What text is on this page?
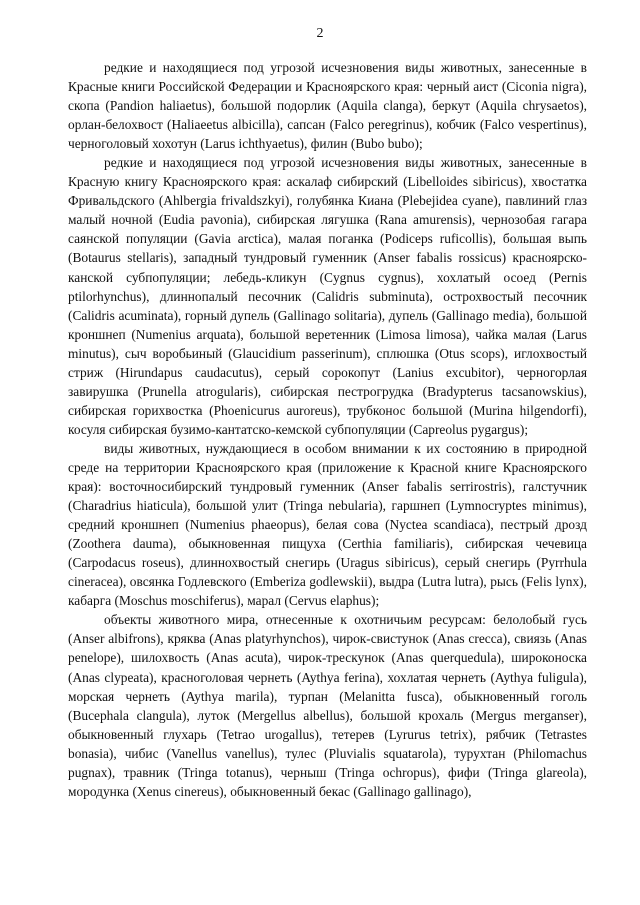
2

редкие и находящиеся под угрозой исчезновения виды животных, занесенные в Красные книги Российской Федерации и Красноярского края: черный аист (Ciconia nigra), скопа (Pandion haliaetus), большой подорлик (Aquila clanga), беркут (Aquila chrysaetos), орлан-белохвост (Haliaeetus albicilla), сапсан (Falco peregrinus), кобчик (Falco vespertinus), черноголовый хохотун (Larus ichthyaetus), филин (Bubo bubo);

редкие и находящиеся под угрозой исчезновения виды животных, занесенные в Красную книгу Красноярского края: аскалаф сибирский (Libelloides sibiricus), хвостатка Фривальдского (Ahlbergia frivaldszkyi), голубянка Киана (Plebejidea cyane), павлиний глаз малый ночной (Eudia pavonia), сибирская лягушка (Rana amurensis), чернозобая гагара саянской популяции (Gavia arctica), малая поганка (Podiceps ruficollis), большая выпь (Botaurus stellaris), западный тундровый гуменник (Anser fabalis rossicus) красноярско-канской субпопуляции; лебедь-кликун (Cygnus cygnus), хохлатый осоед (Pernis ptilorhynchus), длиннопалый песочник (Calidris subminuta), острохвостый песочник (Calidris acuminata), горный дупель (Gallinago solitaria), дупель (Gallinago media), большой кроншнеп (Numenius arquata), большой веретенник (Limosa limosa), чайка малая (Larus minutus), сыч воробьиный (Glaucidium passerinum), сплюшка (Otus scops), иглохвостый стриж (Hirundapus caudacutus), серый сорокопут (Lanius excubitor), черногорлая завирушка (Prunella atrogularis), сибирская пестрогрудка (Bradypterus tacsanowskius), сибирская горихвостка (Phoenicurus auroreus), трубконос большой (Murina hilgendorfi), косуля сибирская бузимо-кантатско-кемской субпопуляции (Capreolus pygargus);

виды животных, нуждающиеся в особом внимании к их состоянию в природной среде на территории Красноярского края (приложение к Красной книге Красноярского края): восточносибирский тундровый гуменник (Anser fabalis serrirostris), галстучник (Charadrius hiaticula), большой улит (Tringa nebularia), гаршнеп (Lymnocryptes minimus), средний кроншнеп (Numenius phaeopus), белая сова (Nyctea scandiaca), пестрый дрозд (Zoothera dauma), обыкновенная пищуха (Certhia familiaris), сибирская чечевица (Carpodacus roseus), длиннохвостый снегирь (Uragus sibiricus), серый снегирь (Pyrrhula cineracea), овсянка Годлевского (Emberiza godlewskii), выдра (Lutra lutra), рысь (Felis lynx), кабарга (Moschus moschiferus), марал (Cervus elaphus);

объекты животного мира, отнесенные к охотничьим ресурсам: белолобый гусь (Anser albifrons), кряква (Anas platyrhynchos), чирок-свистунок (Anas crecca), свиязь (Anas penelope), шилохвость (Anas acuta), чирок-трескунок (Anas querquedula), широконоска (Anas clypeata), красноголовая чернеть (Aythya ferina), хохлатая чернеть (Aythya fuligula), морская чернеть (Aythya marila), турпан (Melanitta fusca), обыкновенный гоголь (Bucephala clangula), луток (Mergellus albellus), большой крохаль (Mergus merganser), обыкновенный глухарь (Tetrao urogallus), тетерев (Lyrurus tetrix), рябчик (Tetrastes bonasia), чибис (Vanellus vanellus), тулес (Pluvialis squatarola), турухтан (Philomachus pugnax), травник (Tringa totanus), черныш (Tringa ochropus), фифи (Tringa glareola), мородунка (Xenus cinereus), обыкновенный бекас (Gallinago gallinago),
